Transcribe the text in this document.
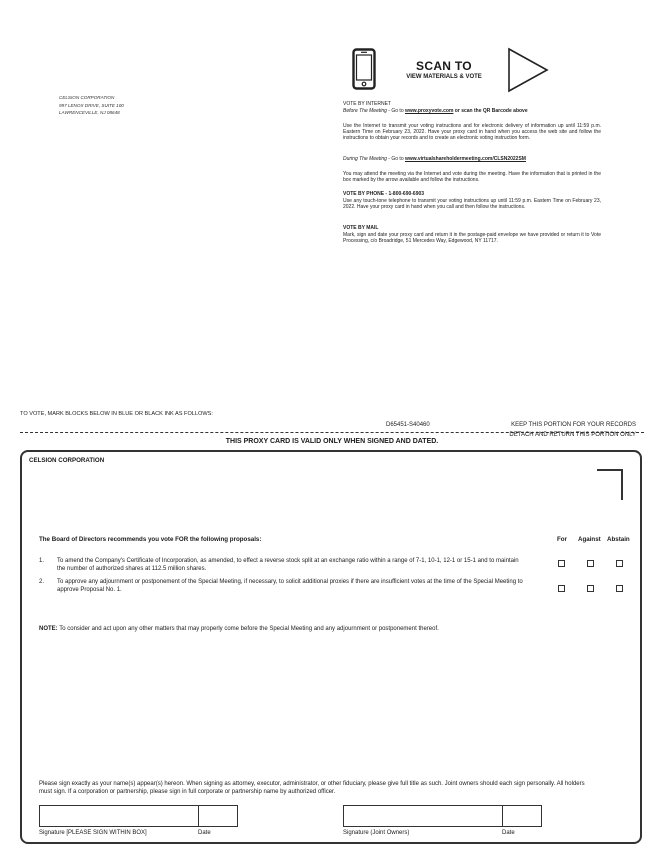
CELSION CORPORATION
997 LENOX DRIVE, SUITE 100
LAWRENCEVILLE, NJ 08648
SCAN TO
VIEW MATERIALS & VOTE
VOTE BY INTERNET
Before The Meeting - Go to www.proxyvote.com or scan the QR Barcode above
Use the Internet to transmit your voting instructions and for electronic delivery of information up until 11:59 p.m. Eastern Time on February 23, 2022. Have your proxy card in hand when you access the web site and follow the instructions to obtain your records and to create an electronic voting instruction form.
During The Meeting - Go to www.virtualshareholdermeeting.com/CLSN2022SM
You may attend the meeting via the Internet and vote during the meeting. Have the information that is printed in the box marked by the arrow available and follow the instructions.
VOTE BY PHONE - 1-800-690-6903
Use any touch-tone telephone to transmit your voting instructions up until 11:59 p.m. Eastern Time on February 23, 2022. Have your proxy card in hand when you call and then follow the instructions.
VOTE BY MAIL
Mark, sign and date your proxy card and return it in the postage-paid envelope we have provided or return it to Vote Processing, c/o Broadridge, 51 Mercedes Way, Edgewood, NY 11717.
TO VOTE, MARK BLOCKS BELOW IN BLUE OR BLACK INK AS FOLLOWS:
D65451-S40460	KEEP THIS PORTION FOR YOUR RECORDS
DETACH AND RETURN THIS PORTION ONLY
THIS PROXY CARD IS VALID ONLY WHEN SIGNED AND DATED.
CELSION CORPORATION
The Board of Directors recommends you vote FOR the following proposals:	For Against Abstain
1. To amend the Company's Certificate of Incorporation, as amended, to effect a reverse stock split at an exchange ratio within a range of 7-1, 10-1, 12-1 or 15-1 and to maintain the number of authorized shares at 112.5 million shares.
2. To approve any adjournment or postponement of the Special Meeting, if necessary, to solicit additional proxies if there are insufficient votes at the time of the Special Meeting to approve Proposal No. 1.
NOTE: To consider and act upon any other matters that may properly come before the Special Meeting and any adjournment or postponement thereof.
Please sign exactly as your name(s) appear(s) hereon. When signing as attorney, executor, administrator, or other fiduciary, please give full title as such. Joint owners should each sign personally. All holders must sign. If a corporation or partnership, please sign in full corporate or partnership name by authorized officer.
Signature [PLEASE SIGN WITHIN BOX]	Date	Signature (Joint Owners)	Date
